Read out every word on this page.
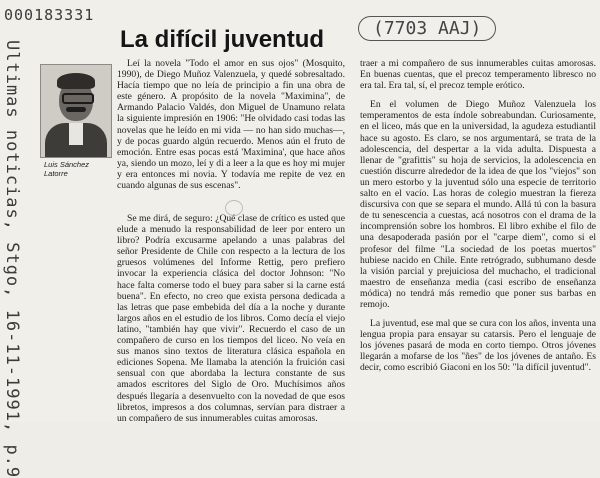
000183331
Ultimas noticias, Stgo, 16-11-1991, p.9
(7703 AAJ)
La difícil juventud
Luis Sánchez Latorre

Leí la novela "Todo el amor en sus ojos" (Mosquito, 1990), de Diego Muñoz Valenzuela, y quedé sobresaltado. Hacía tiempo que no leía de principio a fin una obra de este género. A propósito de la novela "Maximina", de Armando Palacio Valdés, don Miguel de Unamuno relata la siguiente impresión en 1906: "He olvidado casi todas las novelas que he leído en mi vida — no han sido muchas—, y de pocas guardo algún recuerdo. Menos aún el fruto de emoción. Entre esas pocas está 'Maximina', que hace años ya, siendo un mozo, leí y di a leer a la que es hoy mi mujer y era entonces mi novia. Y todavía me repite de vez en cuando algunas de sus escenas".

Se me dirá, de seguro: ¿Qué clase de crítico es usted que elude a menudo la responsabilidad de leer por entero un libro? Podría excusarme apelando a unas palabras del señor Presidente de Chile con respecto a la lectura de los gruesos volúmenes del Informe Rettig, pero prefiero invocar la experiencia clásica del doctor Johnson: "No hace falta comerse todo el buey para saber si la carne está buena". En efecto, no creo que exista persona dedicada a las letras que pase embebida del día a la noche y durante largos años en el estudio de los libros. Como decía el viejo latino, "también hay que vivir". Recuerdo el caso de un compañero de curso en los tiempos del liceo. No veía en sus manos sino textos de literatura clásica española en ediciones Sopena. Me llamaba la atención la fruición casi sensual con que abordaba la lectura constante de sus amados escritores del Siglo de Oro. Muchísimos años después llegaría a desenvuelto con la novedad de que esos libretos, impresos a dos columnas, servían para distraer a un compañero de sus innumerables cuitas amorosas.

traer a mi compañero de sus innumerables cuitas amorosas. En buenas cuentas, que el precoz temperamento libresco no era tal. Era tal, sí, el precoz temple erótico.

En el volumen de Diego Muñoz Valenzuela los temperamentos de esta índole sobreabundan. Curiosamente, en el liceo, más que en la universidad, la agudeza estudiantil hace su agosto. Es claro, se nos argumentará, se trata de la adolescencia, del despertar a la vida adulta. Dispuesta a llenar de "grafittis" su hoja de servicios, la adolescencia en cuestión discurre alrededor de la idea de que los "viejos" son un mero estorbo y la juventud sólo una especie de territorio salto en el vacío. Las horas de colegio muestran la fiereza discursiva con que se separa el mundo. Allá tú con la basura de tu senescencia a cuestas, acá nosotros con el drama de la incomprensión sobre los hombros. El libro exhibe el filo de una desapoderada pasión por el "carpe diem", como si el profesor del filme "La sociedad de los poetas muertos" hubiese nacido en Chile. Ente retrógrado, subhumano desde la visión parcial y prejuiciosa del muchacho, el tradicional maestro de enseñanza media (casi escribo de enseñanza módica) no tendrá más remedio que poner sus barbas en remojo.

La juventud, ese mal que se cura con los años, inventa una lengua propia para ensayar su catarsis. Pero el lenguaje de los jóvenes pasará de moda en corto tiempo. Otros jóvenes llegarán a mofarse de los "ñes" de los jóvenes de antaño. Es decir, como escribió Giaconi en los 50: "la difícil juventud".
